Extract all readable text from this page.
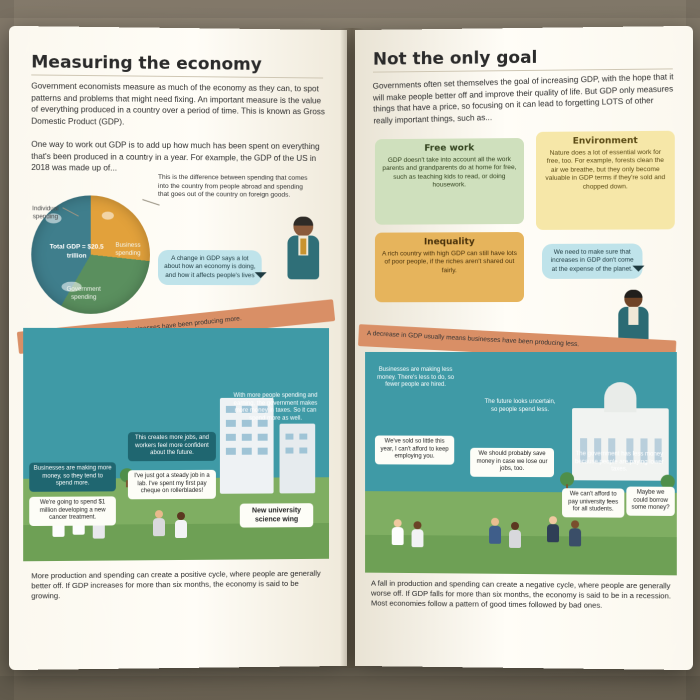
Measuring the economy
Government economists measure as much of the economy as they can, to spot patterns and problems that might need fixing. An important measure is the value of everything produced in a country over a period of time. This is known as Gross Domestic Product (GDP).
One way to work out GDP is to add up how much has been spent on everything that's been produced in a country in a year. For example, the GDP of the US in 2018 was made up of...
Total GDP = $20.5 trillion
Individual spending
Business spending
Government spending
This is the difference between spending that comes into the country from people abroad and spending that goes out of the country on foreign goods.
A change in GDP says a lot about how an economy is doing, and how it affects people's lives
Businesses are making more money, so they tend to spend more.
This creates more jobs, and workers feel more confident about the future.
With more people spending and earning, the government makes more money in taxes. So it can spend more as well.
We're going to spend $1 million developing a new cancer treatment.
I've just got a steady job in a lab. I've spent my first pay cheque on rollerblades!
New university science wing
More production and spending can create a positive cycle, where people are generally better off. If GDP increases for more than six months, the economy is said to be growing.
Not the only goal
Governments often set themselves the goal of increasing GDP, with the hope that it will make people better off and improve their quality of life. But GDP only measures things that have a price, so focusing on it can lead to forgetting LOTS of other really important things, such as...
Free work
GDP doesn't take into account all the work parents and grandparents do at home for free, such as teaching kids to read, or doing housework.
Environment
Nature does a lot of essential work for free, too. For example, forests clean the air we breathe, but they only become valuable in GDP terms if they're sold and chopped down.
Inequality
A rich country with high GDP can still have lots of poor people, if the riches aren't shared out fairly.
We need to make sure that increases in GDP don't come at the expense of the planet.
A decrease in GDP usually means businesses have been producing less.
Businesses are making less money. There's less to do, so fewer people are hired.
The future looks uncertain, so people spend less.
The government has less money because people are paying lower taxes.
We've sold so little this year, I can't afford to keep employing you.	We should probably save money in case we lose our jobs, too.
We can't afford to pay university fees for all students.
Maybe we could borrow some money?
A fall in production and spending can create a negative cycle, where people are generally worse off. If GDP falls for more than six months, the economy is said to be in a recession. Most economies follow a pattern of good times followed by bad ones.
